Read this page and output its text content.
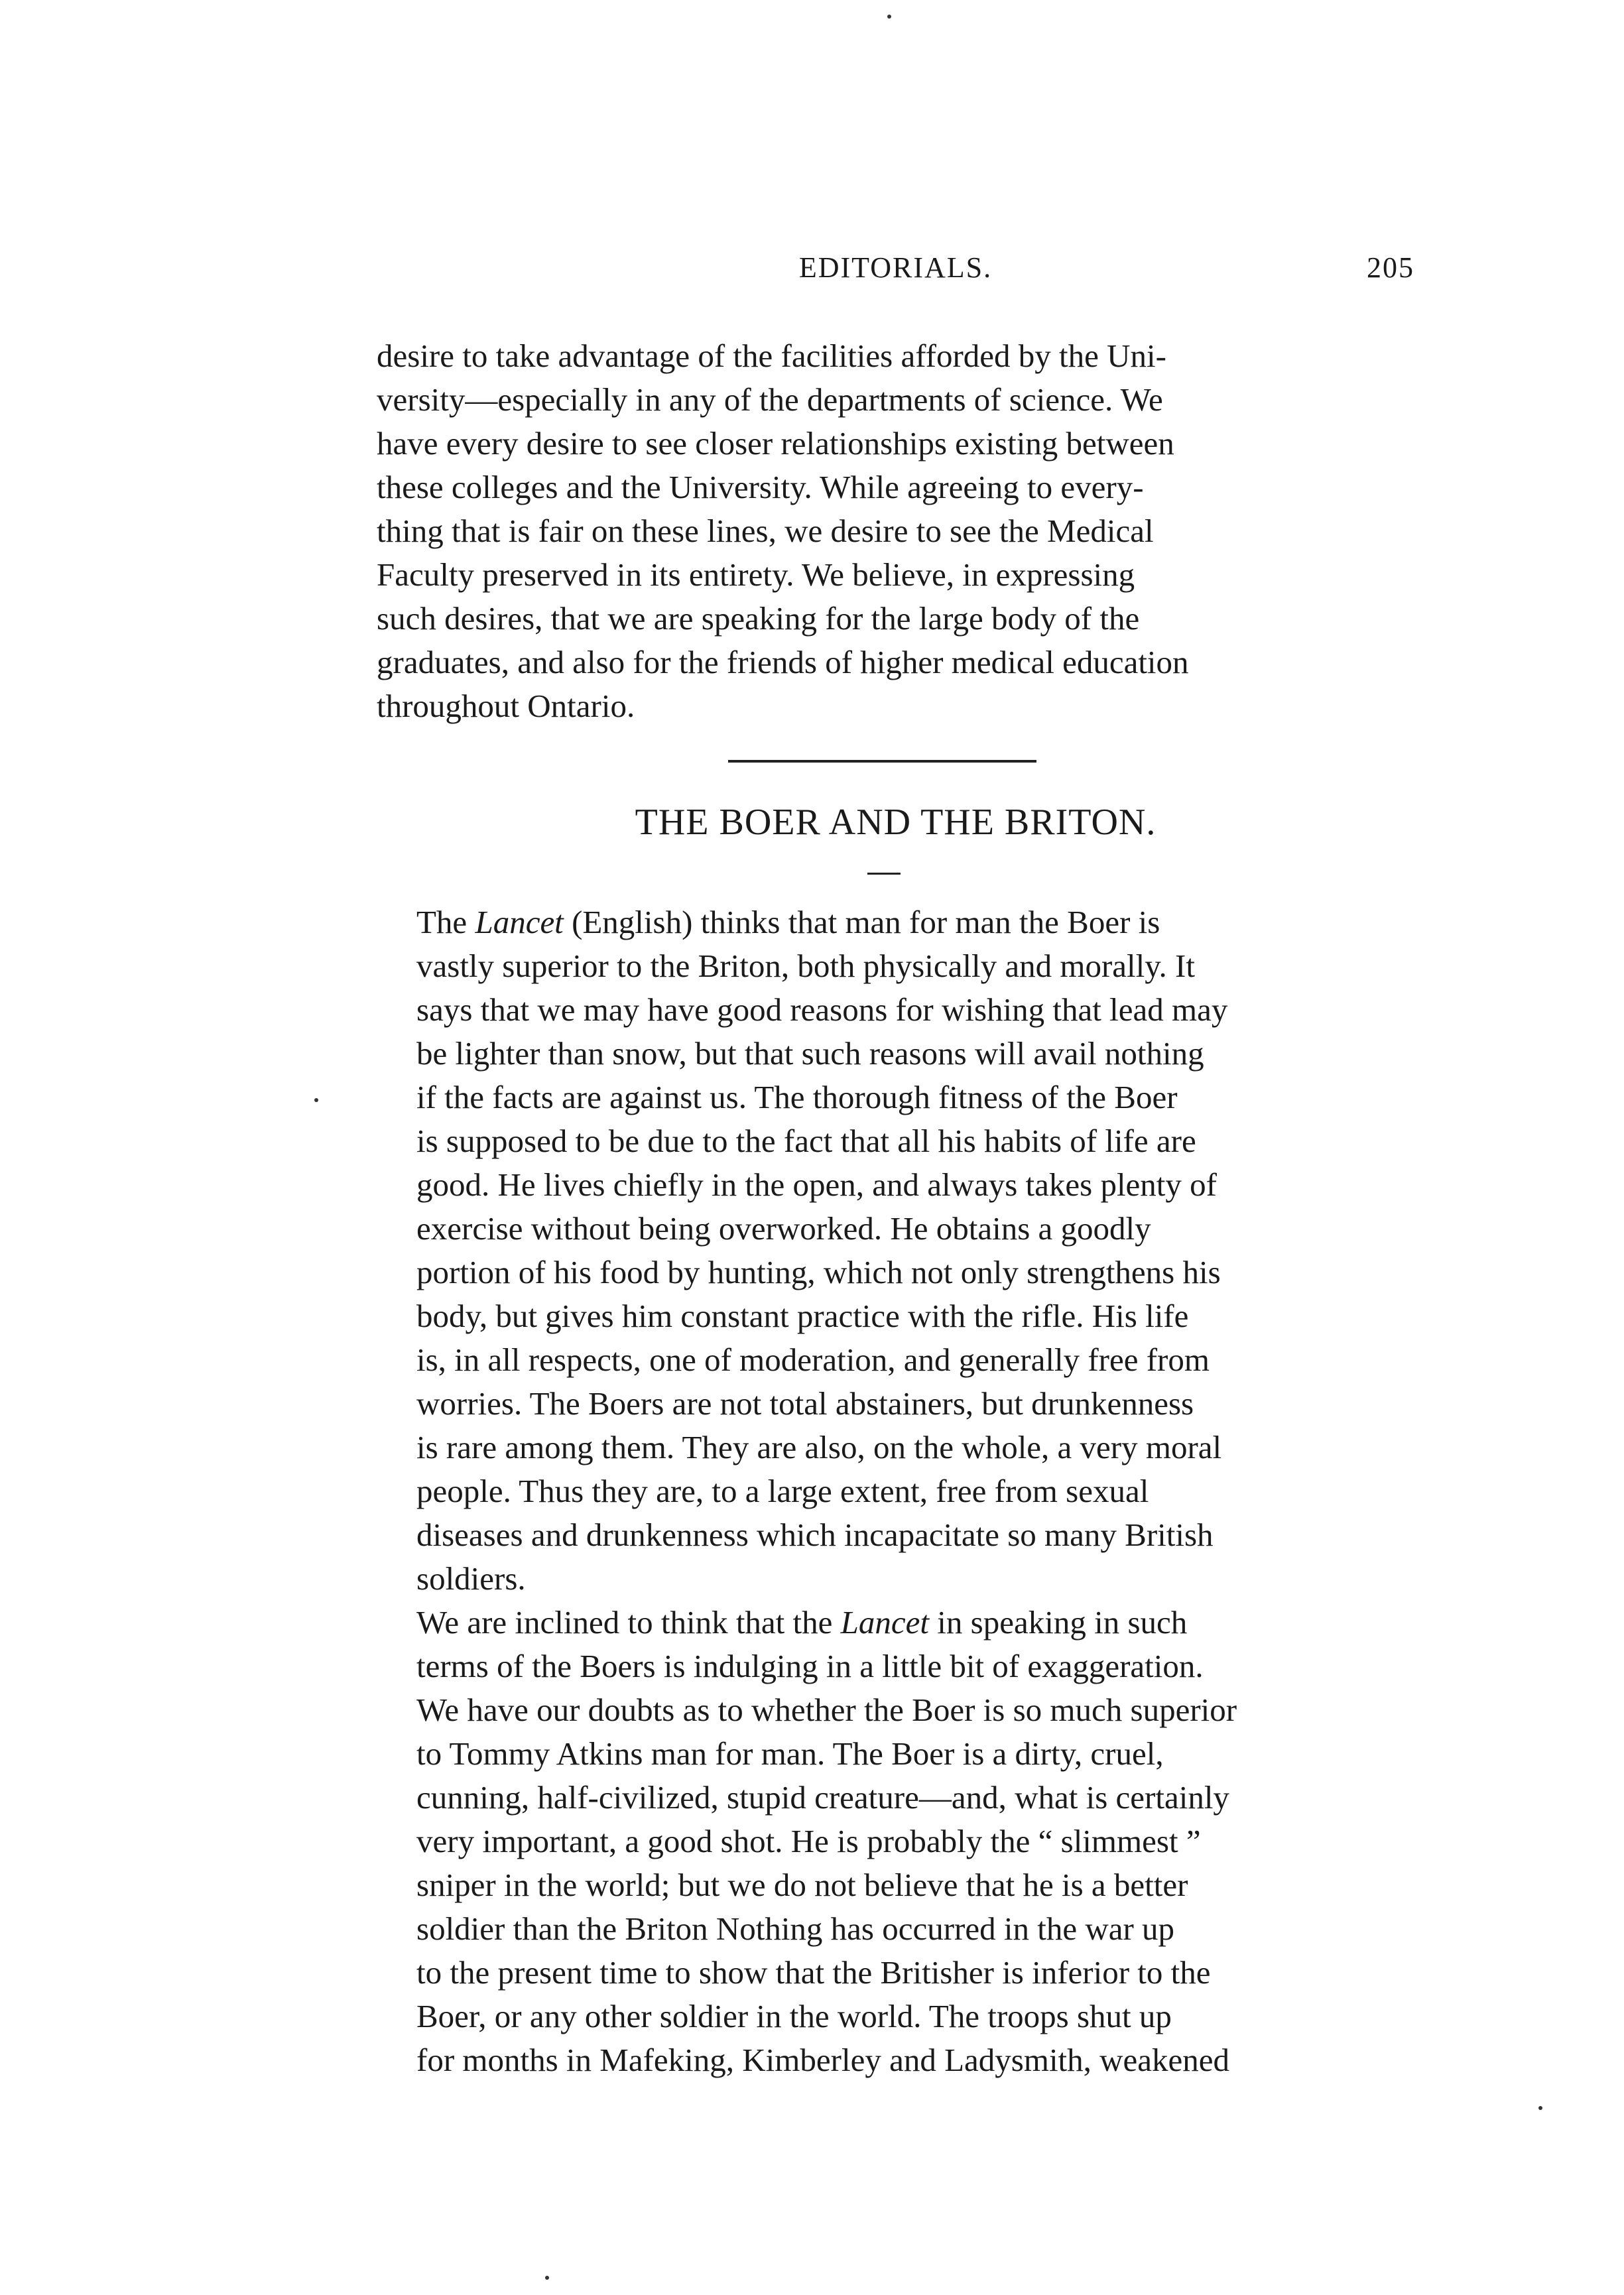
EDITORIALS.	205
desire to take advantage of the facilities afforded by the Uni-
versity—especially in any of the departments of science. We
have every desire to see closer relationships existing between
these colleges and the University. While agreeing to every-
thing that is fair on these lines, we desire to see the Medical
Faculty preserved in its entirety. We believe, in expressing
such desires, that we are speaking for the large body of the
graduates, and also for the friends of higher medical education
throughout Ontario.
THE BOER AND THE BRITON.
The Lancet (English) thinks that man for man the Boer is
vastly superior to the Briton, both physically and morally. It
says that we may have good reasons for wishing that lead may
be lighter than snow, but that such reasons will avail nothing
if the facts are against us. The thorough fitness of the Boer
is supposed to be due to the fact that all his habits of life are
good. He lives chiefly in the open, and always takes plenty of
exercise without being overworked. He obtains a goodly
portion of his food by hunting, which not only strengthens his
body, but gives him constant practice with the rifle. His life
is, in all respects, one of moderation, and generally free from
worries. The Boers are not total abstainers, but drunkenness
is rare among them. They are also, on the whole, a very moral
people. Thus they are, to a large extent, free from sexual
diseases and drunkenness which incapacitate so many British
soldiers.
We are inclined to think that the Lancet in speaking in such
terms of the Boers is indulging in a little bit of exaggeration.
We have our doubts as to whether the Boer is so much superior
to Tommy Atkins man for man. The Boer is a dirty, cruel,
cunning, half-civilized, stupid creature—and, what is certainly
very important, a good shot. He is probably the “ slimmest ”
sniper in the world; but we do not believe that he is a better
soldier than the Briton Nothing has occurred in the war up
to the present time to show that the Britisher is inferior to the
Boer, or any other soldier in the world. The troops shut up
for months in Mafeking, Kimberley and Ladysmith, weakened
